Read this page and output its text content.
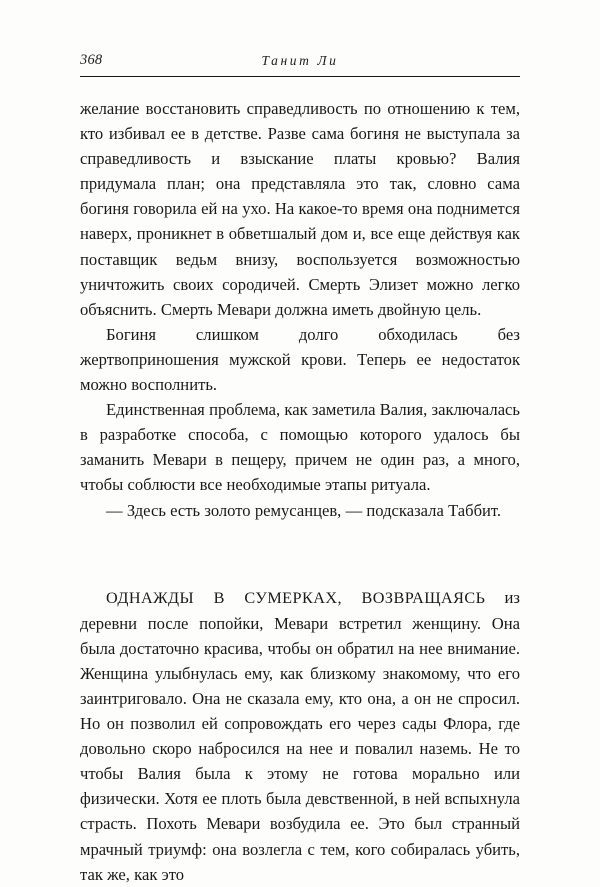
368	Танит Ли

желание восстановить справедливость по отношению к тем, кто избивал ее в детстве. Разве сама богиня не выступала за справедливость и взыскание платы кровью? Валия придумала план; она представляла это так, словно сама богиня говорила ей на ухо. На какое-то время она поднимется наверх, проникнет в обветшалый дом и, все еще действуя как поставщик ведьм внизу, воспользуется возможностью уничтожить своих сородичей. Смерть Элизет можно легко объяснить. Смерть Мевари должна иметь двойную цель.

Богиня слишком долго обходилась без жертвоприношения мужской крови. Теперь ее недостаток можно восполнить.

Единственная проблема, как заметила Валия, заключалась в разработке способа, с помощью которого удалось бы заманить Мевари в пещеру, причем не один раз, а много, чтобы соблюсти все необходимые этапы ритуала.

— Здесь есть золото ремусанцев, — подсказала Таббит.

ОДНАЖДЫ В СУМЕРКАХ, ВОЗВРАЩАЯСЬ из деревни после попойки, Мевари встретил женщину. Она была достаточно красива, чтобы он обратил на нее внимание. Женщина улыбнулась ему, как близкому знакомому, что его заинтриговало. Она не сказала ему, кто она, а он не спросил. Но он позволил ей сопровождать его через сады Флора, где довольно скоро набросился на нее и повалил наземь. Не то чтобы Валия была к этому не готова морально или физически. Хотя ее плоть была девственной, в ней вспыхнула страсть. Похоть Мевари возбудила ее. Это был странный мрачный триумф: она возлегла с тем, кого собиралась убить, так же, как это
